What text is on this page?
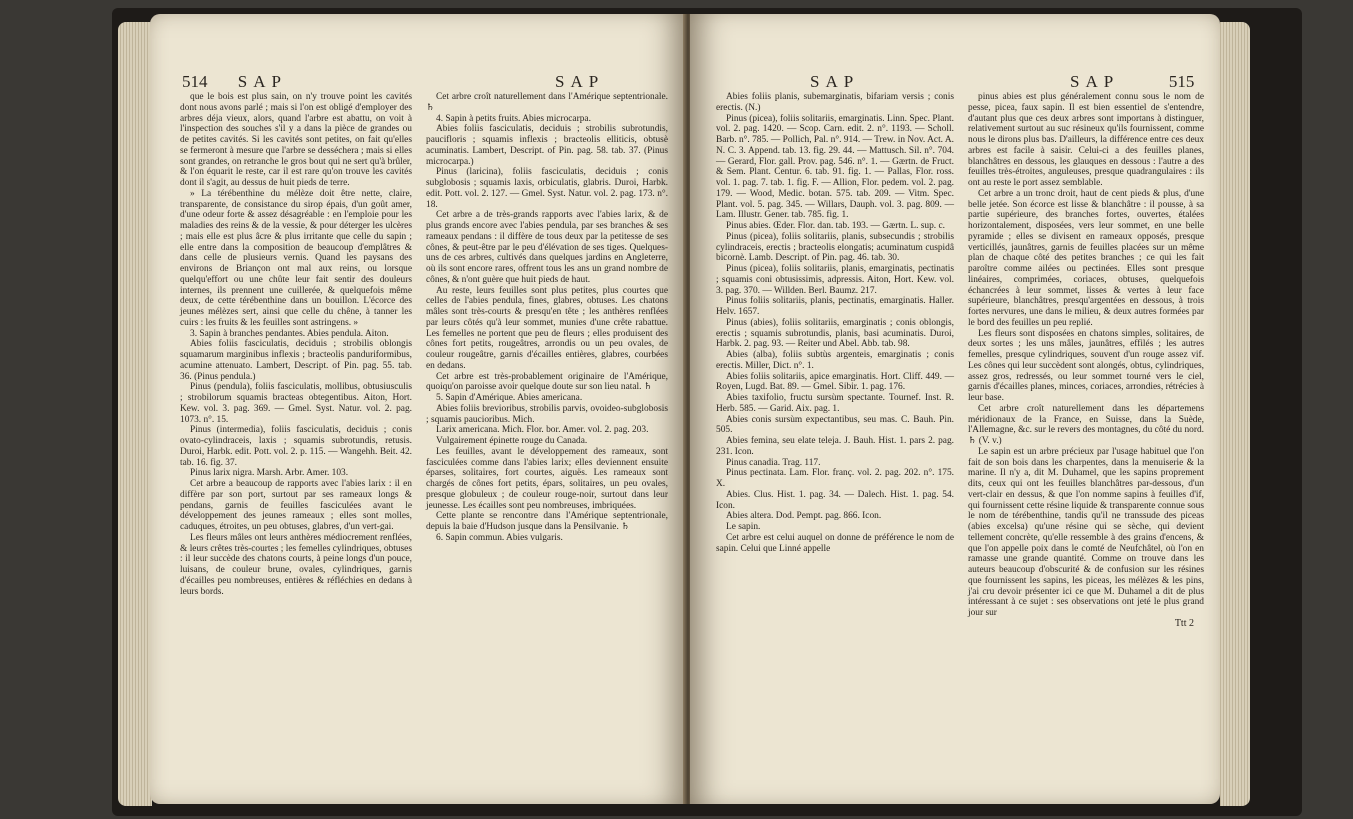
514 SAP	SAP

que le bois est plus sain, on n'y trouve point les cavités dont nous avons parlé ; mais si l'on est obligé d'employer des arbres déja vieux, alors, quand l'arbre est abattu, on voit à l'inspection des souches s'il y a dans la pièce de grandes ou de petites cavités. Si les cavités sont petites, on fait qu'elles se fermeront à mesure que l'arbre se desséchera ; mais si elles sont grandes, on retranche le gros bout qui ne sert qu'à brûler, & l'on équarit le reste, car il est rare qu'on trouve les cavités dont il s'agit, au dessus de huit pieds de terre.

» La térébenthine du mélèze doit être nette, claire, transparente, de consistance du sirop épais, d'un goût amer, d'une odeur forte & assez désagréable : en l'emploie pour les maladies des reins & de la vessie, & pour déterger les ulcères ; mais elle est plus âcre & plus irritante que celle du sapin ; elle entre dans la composition de beaucoup d'emplâtres & dans celle de plusieurs vernis. Quand les paysans des environs de Briançon ont mal aux reins, ou lorsque quelqu'effort ou une chûte leur fait sentir des douleurs internes, ils prennent une cuillerée, & quelquefois même deux, de cette térébenthine dans un bouillon. L'écorce des jeunes mélèzes sert, ainsi que celle du chêne, à tanner les cuirs : les fruits & les feuilles sont astringens. »

3. Sapin à branches pendantes. Abies pendula. Aiton.

Abies foliis fasciculatis, deciduis ; strobilis oblongis squamarum marginibus inflexis ; bracteolis panduriformibus, acumine attenuato. Lambert, Descript. of Pin. pag. 55. tab. 36. (Pinus pendula.)

Pinus (pendula), foliis fasciculatis, mollibus, obtusiusculis ; strobilorum squamis bracteas obtegentibus. Aiton, Hort. Kew. vol. 3. pag. 369. — Gmel. Syst. Natur. vol. 2. pag. 1073. n°. 15.

Pinus (intermedia), foliis fasciculatis, deciduis ; conis ovato-cylindraceis, laxis ; squamis subrotundis, retusis. Duroi, Harbk. edit. Pott. vol. 2. p. 115. — Wangehh. Beit. 42. tab. 16. fig. 37.

Pinus larix nigra. Marsh. Arbr. Amer. 103.

Cet arbre a beaucoup de rapports avec l'abies larix : il en diffère par son port, surtout par ses rameaux longs & pendans, garnis de feuilles fasciculées avant le développement des jeunes rameaux ; elles sont molles, caduques, étroites, un peu obtuses, glabres, d'un vert-gai.

Les fleurs mâles ont leurs anthères médiocrement renflées, & leurs crêtes très-courtes ; les femelles cylindriques, obtuses : il leur succède des chatons courts, à peine longs d'un pouce, luisans, de couleur brune, ovales, cylindriques, garnis d'écailles peu nombreuses, entières & réfléchies en dedans à leurs bords.

Cet arbre croît naturellement dans l'Amérique septentrionale. ♄

4. Sapin à petits fruits. Abies microcarpa.

Abies foliis fasciculatis, deciduis ; strobilis subrotundis, paucifloris ; squamis inflexis ; bracteolis elliticis, obtusè acuminatis. Lambert, Descript. of Pin. pag. 58. tab. 37. (Pinus microcarpa.)

Pinus (laricina), foliis fasciculatis, deciduis ; conis subglobosis ; squamis laxis, orbiculatis, glabris. Duroi, Harbk. edit. Pott. vol. 2. 127. — Gmel. Syst. Natur. vol. 2. pag. 173. n°. 18.

Cet arbre a de très-grands rapports avec l'abies larix, & de plus grands encore avec l'abies pendula, par ses branches & ses rameaux pendans : il diffère de tous deux par la petitesse de ses cônes, & peut-être par le peu d'élévation de ses tiges. Quelques-uns de ces arbres, cultivés dans quelques jardins en Angleterre, où ils sont encore rares, offrent tous les ans un grand nombre de cônes, & n'ont guère que huit pieds de haut.

Au reste, leurs feuilles sont plus petites, plus courtes que celles de l'abies pendula, fines, glabres, obtuses. Les chatons mâles sont très-courts & presqu'en tête ; les anthères renflées par leurs côtés qu'à leur sommet, munies d'une crête rabattue. Les femelles ne portent que peu de fleurs ; elles produisent des cônes fort petits, rougeâtres, arrondis ou un peu ovales, de couleur rougeâtre, garnis d'écailles entières, glabres, courbées en dedans.

Cet arbre est très-probablement originaire de l'Amérique, quoiqu'on paroisse avoir quelque doute sur son lieu natal. ♄

5. Sapin d'Amérique. Abies americana.

Abies foliis brevioribus, strobilis parvis, ovoideo-subglobosis ; squamis paucioribus. Mich.

Larix americana. Mich. Flor. bor. Amer. vol. 2. pag. 203.

Vulgairement épinette rouge du Canada.

Les feuilles, avant le développement des rameaux, sont fasciculées comme dans l'abies larix; elles deviennent ensuite éparses, solitaires, fort courtes, aiguës. Les rameaux sont chargés de cônes fort petits, épars, solitaires, un peu ovales, presque globuleux ; de couleur rouge-noir, surtout dans leur jeunesse. Les écailles sont peu nombreuses, imbriquées.

Cette plante se rencontre dans l'Amérique septentrionale, depuis la baie d'Hudson jusque dans la Pensilvanie. ♄

6. Sapin commun. Abies vulgaris.

SAP	SAP	515

Abies foliis planis, subemarginatis, bifariam versis ; conis erectis. (N.)

Pinus (picea), foliis solitariis, emarginatis. Linn. Spec. Plant. vol. 2. pag. 1420. — Scop. Carn. edit. 2. n°. 1193. — Scholl. Barb. n°. 785. — Pollich, Pal. n°. 914. — Trew. in Nov. Act. A. N. C. 3. Append. tab. 13. fig. 29. 44. — Mattusch. Sil. n°. 704. — Gerard, Flor. gall. Prov. pag. 546. n°. 1. — Gærtn. de Fruct. & Sem. Plant. Centur. 6. tab. 91. fig. 1. — Pallas, Flor. ross. vol. 1. pag. 7. tab. 1. fig. F. — Allion, Flor. pedem. vol. 2. pag. 179. — Wood, Medic. botan. 575. tab. 209. — Vitm. Spec. Plant. vol. 5. pag. 345. — Willars, Dauph. vol. 3. pag. 809. — Lam. Illustr. Gener. tab. 785. fig. 1.

Pinus abies. Œder. Flor. dan. tab. 193. — Gærtn. L. sup. c.

Pinus (picea), foliis solitariis, planis, subsecundis ; strobilis cylindraceis, erectis ; bracteolis elongatis; acuminatum cuspidâ bicornè. Lamb. Descript. of Pin. pag. 46. tab. 30.

Pinus (picea), foliis solitariis, planis, emarginatis, pectinatis ; squamis coni obtusissimis, adpressis. Aiton, Hort. Kew. vol. 3. pag. 370. — Willden. Berl. Baumz. 217.

Pinus foliis solitariis, planis, pectinatis, emarginatis. Haller. Helv. 1657.

Pinus (abies), foliis solitariis, emarginatis ; conis oblongis, erectis ; squamis subrotundis, planis, basi acuminatis. Duroi, Harbk. 2. pag. 93. — Reiter und Abel. Abb. tab. 98.

Abies (alba), foliis subtùs argenteis, emarginatis ; conis erectis. Miller, Dict. n°. 1.

Abies foliis solitariis, apice emarginatis. Hort. Cliff. 449. — Royen, Lugd. Bat. 89. — Gmel. Sibir. 1. pag. 176.

Abies taxifolio, fructu sursùm spectante. Tournef. Inst. R. Herb. 585. — Garid. Aix. pag. 1.

Abies conis sursùm expectantibus, seu mas. C. Bauh. Pin. 505.

Abies femina, seu elate teleja. J. Bauh. Hist. 1. pars 2. pag. 231. Icon.

Pinus canadia. Trag. 117.

Pinus pectinata. Lam. Flor. franç. vol. 2. pag. 202. n°. 175. X.

Abies. Clus. Hist. 1. pag. 34. — Dalech. Hist. 1. pag. 54. Icon.

Abies altera. Dod. Pempt. pag. 866. Icon.

Le sapin.

Cet arbre est celui auquel on donne de préférence le nom de sapin. Celui que Linné appelle

pinus abies est plus généralement connu sous le nom de pesse, picea, faux sapin. Il est bien essentiel de s'entendre, d'autant plus que ces deux arbres sont importans à distinguer, relativement surtout au suc résineux qu'ils fournissent, comme nous le dirons plus bas. D'ailleurs, la différence entre ces deux arbres est facile à saisir. Celui-ci a des feuilles planes, blanchâtres en dessous, les glauques en dessous : l'autre a des feuilles très-étroites, anguleuses, presque quadrangulaires : ils ont au reste le port assez semblable.

Cet arbre a un tronc droit, haut de cent pieds & plus, d'une belle jetée. Son écorce est lisse & blanchâtre : il pousse, à sa partie supérieure, des branches fortes, ouvertes, étalées horizontalement, disposées, vers leur sommet, en une belle pyramide ; elles se divisent en rameaux opposés, presque verticillés, jaunâtres, garnis de feuilles placées sur un même plan de chaque côté des petites branches ; ce qui les fait paroître comme ailées ou pectinées. Elles sont presque linéaires, comprimées, coriaces, obtuses, quelquefois échancrées à leur sommet, lisses & vertes à leur face supérieure, blanchâtres, presqu'argentées en dessous, à trois fortes nervures, une dans le milieu, & deux autres formées par le bord des feuilles un peu replié.

Les fleurs sont disposées en chatons simples, solitaires, de deux sortes ; les uns mâles, jaunâtres, effilés ; les autres femelles, presque cylindriques, souvent d'un rouge assez vif. Les cônes qui leur succèdent sont alongés, obtus, cylindriques, assez gros, redressés, ou leur sommet tourné vers le ciel, garnis d'écailles planes, minces, coriaces, arrondies, rétrécies à leur base.

Cet arbre croît naturellement dans les départemens méridionaux de la France, en Suisse, dans la Suède, l'Allemagne, &c. sur le revers des montagnes, du côté du nord. ♄ (V. v.)

Le sapin est un arbre précieux par l'usage habituel que l'on fait de son bois dans les charpentes, dans la menuiserie & la marine. Il n'y a, dit M. Duhamel, que les sapins proprement dits, ceux qui ont les feuilles blanchâtres par-dessous, d'un vert-clair en dessus, & que l'on nomme sapins à feuilles d'if, qui fournissent cette résine liquide & transparente connue sous le nom de térébenthine, tandis qu'il ne transsude des piceas (abies excelsa) qu'une résine qui se sèche, qui devient tellement concrète, qu'elle ressemble à des grains d'encens, & que l'on appelle poix dans le comté de Neufchâtel, où l'on en ramasse une grande quantité. Comme on trouve dans les auteurs beaucoup d'obscurité & de confusion sur les résines que fournissent les sapins, les piceas, les mélèzes & les pins, j'ai cru devoir présenter ici ce que M. Duhamel a dit de plus intéressant à ce sujet : ses observations ont jeté le plus grand jour sur

Ttt 2
